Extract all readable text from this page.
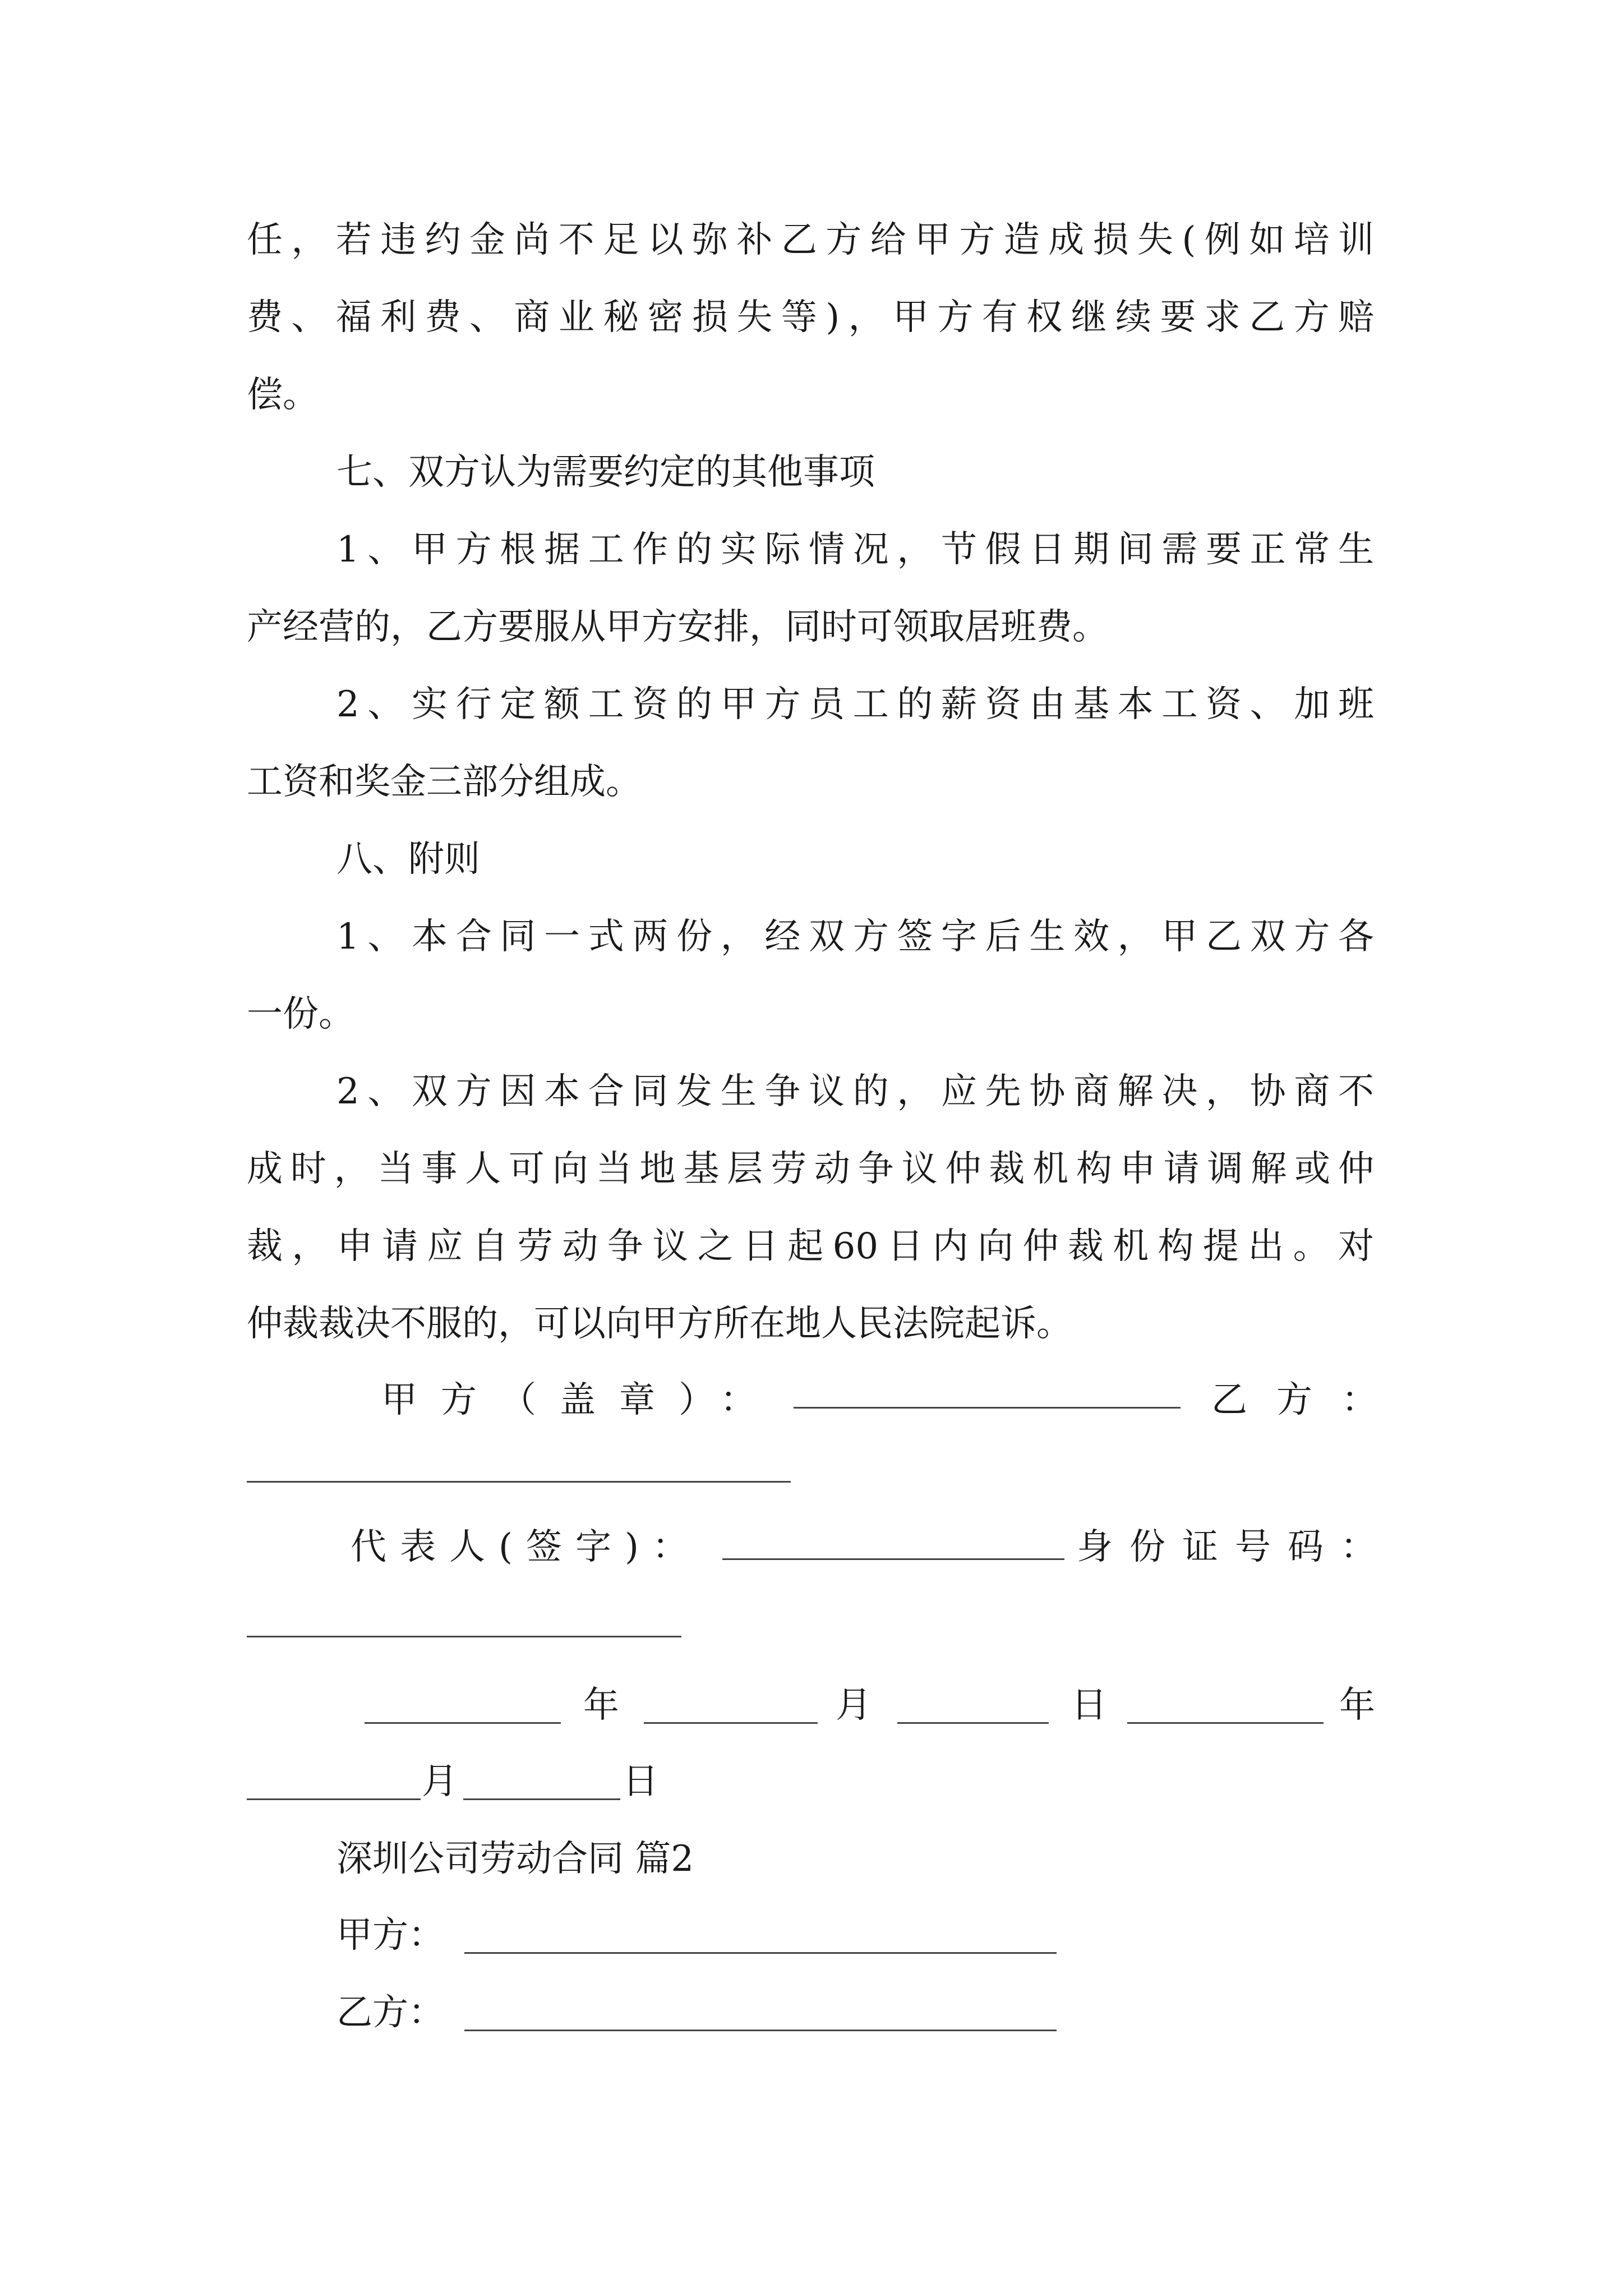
任，若违约金尚不足以弥补乙方给甲方造成损失(例如培训
费、福利费、商业秘密损失等)，甲方有权继续要求乙方赔
偿。
七、双方认为需要约定的其他事项
1、甲方根据工作的实际情况，节假日期间需要正常生
产经营的，乙方要服从甲方安排，同时可领取居班费。
2、实行定额工资的甲方员工的薪资由基本工资、加班
工资和奖金三部分组成。
八、附则
1、本合同一式两份，经双方签字后生效，甲乙双方各
一份。
2、双方因本合同发生争议的，应先协商解决，协商不
成时，当事人可向当地基层劳动争议仲裁机构申请调解或仲
裁，申请应自劳动争议之日起60日内向仲裁机构提出。对
仲裁裁决不服的，可以向甲方所在地人民法院起诉。
甲方（盖章）：	乙方：
代表人(签字)：	身份证号码：
年	月	日	年
月	日
深圳公司劳动合同 篇2
甲方：
乙方：
